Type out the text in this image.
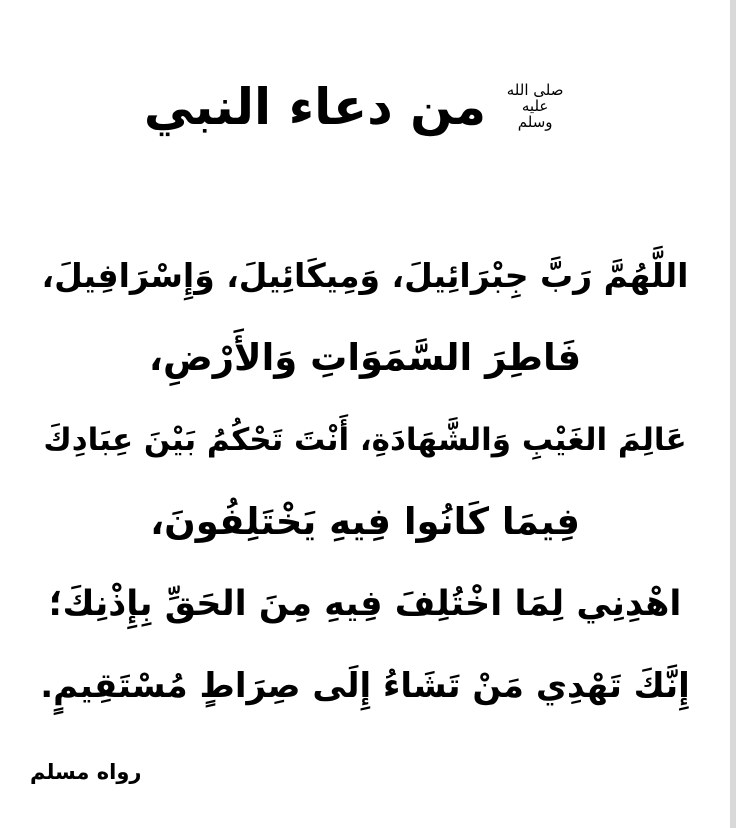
من دعاء النبي صلى الله
عليه
وسلم

اللَّهُمَّ رَبَّ جِبْرَائِيلَ، وَمِيكَائِيلَ، وَإِسْرَافِيلَ،

فَاطِرَ السَّمَوَاتِ وَالأَرْضِ،

عَالِمَ الغَيْبِ وَالشَّهَادَةِ، أَنْتَ تَحْكُمُ بَيْنَ عِبَادِكَ

فِيمَا كَانُوا فِيهِ يَخْتَلِفُونَ،

اهْدِنِي لِمَا اخْتُلِفَ فِيهِ مِنَ الحَقِّ بِإِذْنِكَ؛

إِنَّكَ تَهْدِي مَنْ تَشَاءُ إِلَى صِرَاطٍ مُسْتَقِيمٍ.

رواه مسلم
